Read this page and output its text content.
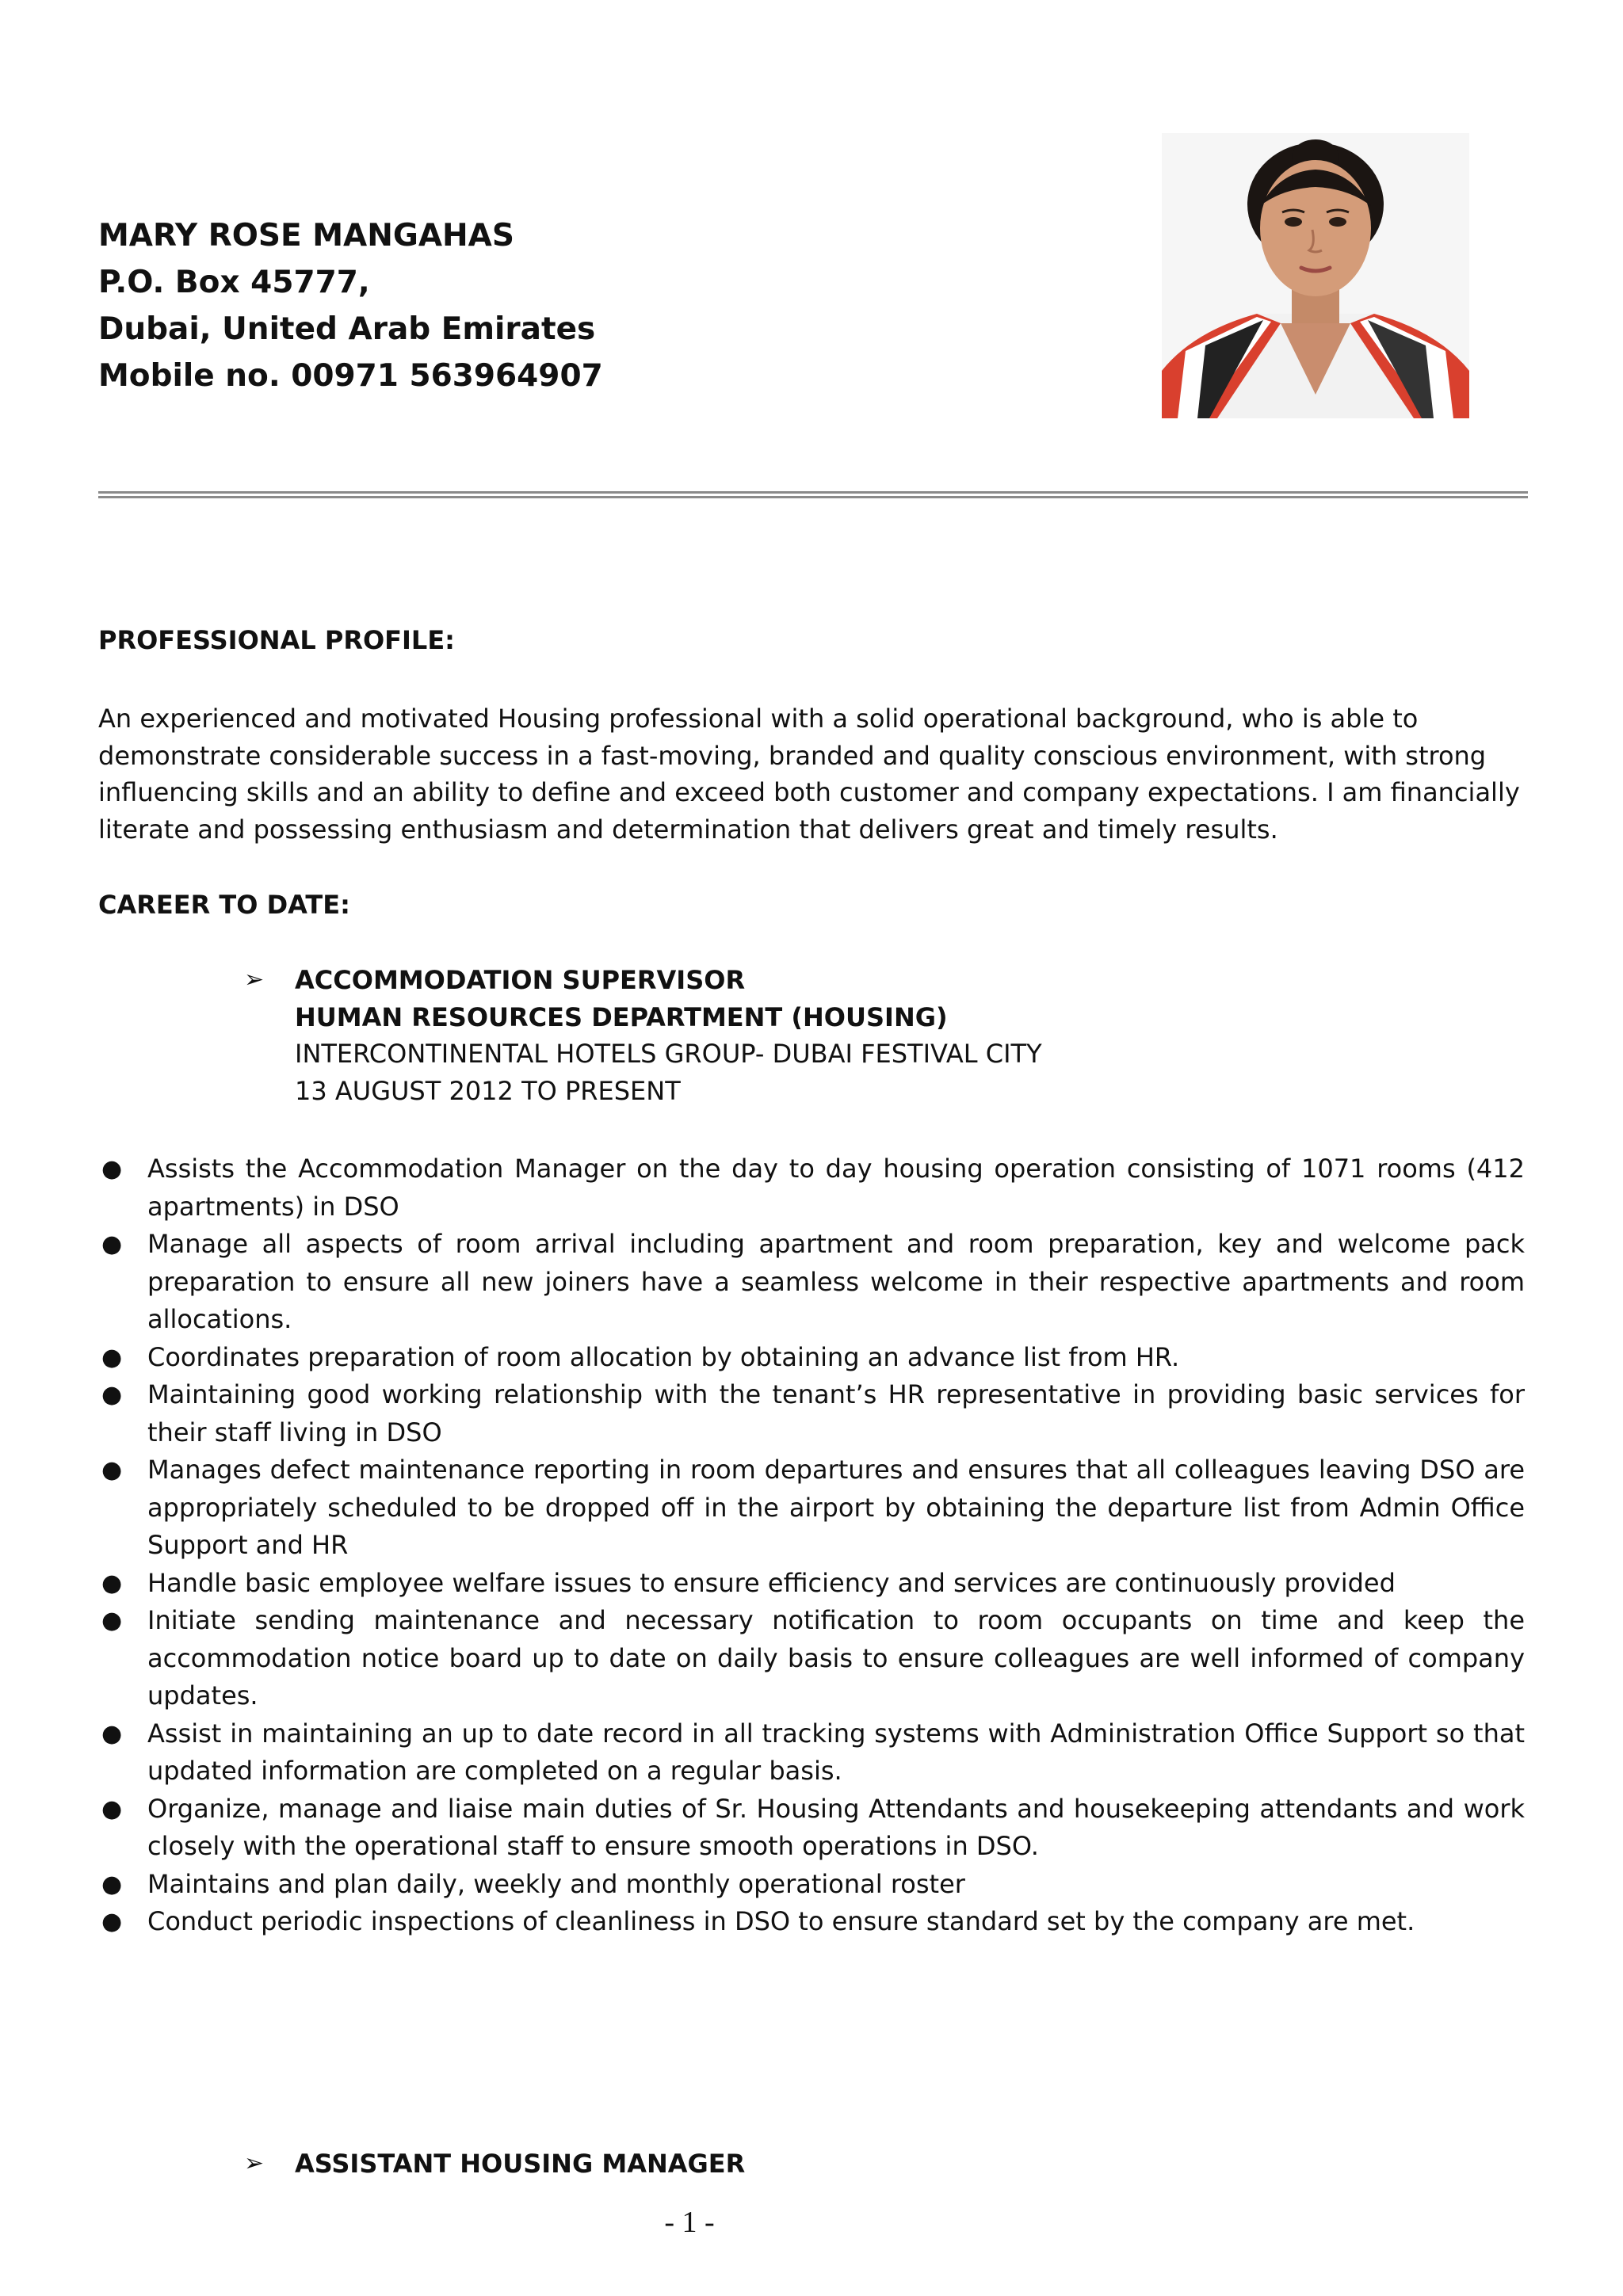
MARY ROSE MANGAHAS
P.O. Box 45777,
Dubai, United Arab Emirates
Mobile no. 00971 563964907
PROFESSIONAL PROFILE:
An experienced and motivated Housing professional with a solid operational background, who is able to demonstrate considerable success in a fast-moving, branded and quality conscious environment, with strong influencing skills and an ability to define and exceed both customer and company expectations. I am financially literate and possessing enthusiasm and determination that delivers great and timely results.
CAREER TO DATE:
➢ ACCOMMODATION SUPERVISOR
HUMAN RESOURCES DEPARTMENT (HOUSING)
INTERCONTINENTAL HOTELS GROUP- DUBAI FESTIVAL CITY
13 AUGUST 2012 TO PRESENT
● Assists the Accommodation Manager on the day to day housing operation consisting of 1071 rooms (412 apartments) in DSO
● Manage all aspects of room arrival including apartment and room preparation, key and welcome pack preparation to ensure all new joiners have a seamless welcome in their respective apartments and room allocations.
● Coordinates preparation of room allocation by obtaining an advance list from HR.
● Maintaining good working relationship with the tenant’s HR representative in providing basic services for their staff living in DSO
● Manages defect maintenance reporting in room departures and ensures that all colleagues leaving DSO are appropriately scheduled to be dropped off in the airport by obtaining the departure list from Admin Office Support and HR
● Handle basic employee welfare issues to ensure efficiency and services are continuously provided
● Initiate sending maintenance and necessary notification to room occupants on time and keep the accommodation notice board up to date on daily basis to ensure colleagues are well informed of company updates.
● Assist in maintaining an up to date record in all tracking systems with Administration Office Support so that updated information are completed on a regular basis.
● Organize, manage and liaise main duties of Sr. Housing Attendants and housekeeping attendants and work closely with the operational staff to ensure smooth operations in DSO.
● Maintains and plan daily, weekly and monthly operational roster
● Conduct periodic inspections of cleanliness in DSO to ensure standard set by the company are met.
➢ ASSISTANT HOUSING MANAGER
- 1 -
